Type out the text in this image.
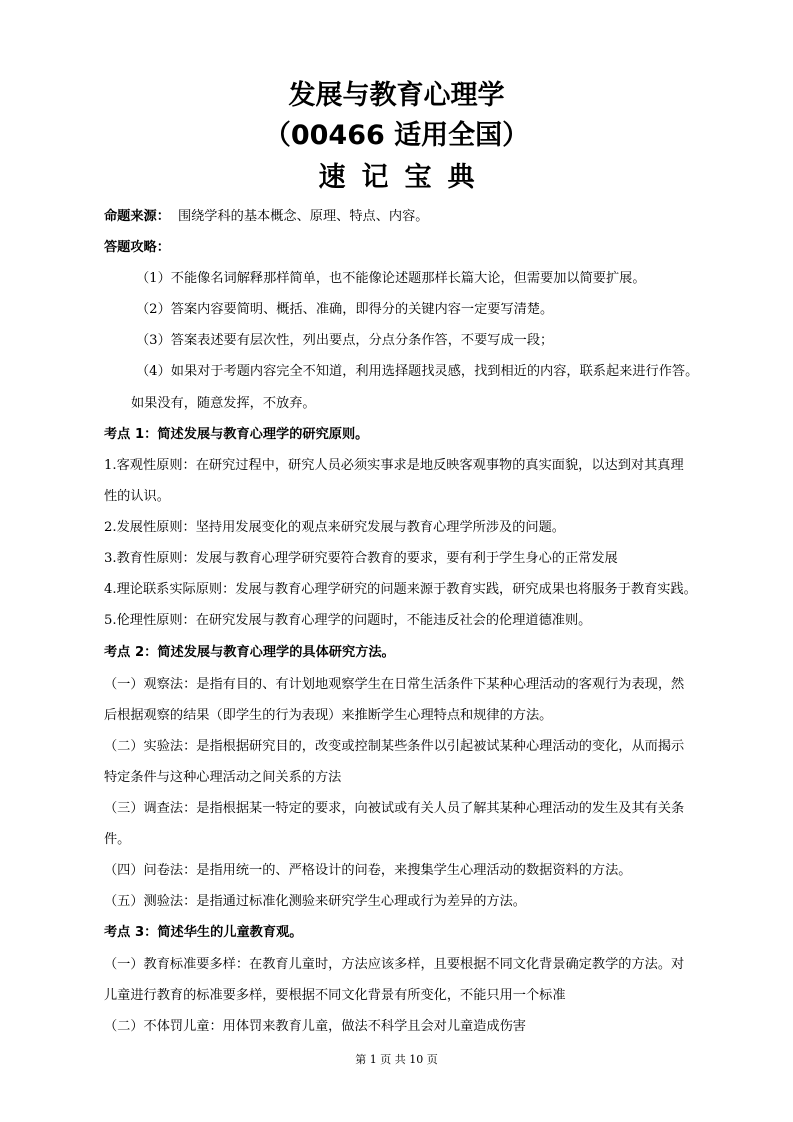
发展与教育心理学
（00466 适用全国）
速记宝典
命题来源： 围绕学科的基本概念、原理、特点、内容。
答题攻略：
（1）不能像名词解释那样简单，也不能像论述题那样长篇大论，但需要加以简要扩展。
（2）答案内容要简明、概括、准确，即得分的关键内容一定要写清楚。
（3）答案表述要有层次性，列出要点，分点分条作答，不要写成一段；
（4）如果对于考题内容完全不知道，利用选择题找灵感，找到相近的内容，联系起来进行作答。
如果没有，随意发挥，不放弃。
考点 1：简述发展与教育心理学的研究原则。
1.客观性原则：在研究过程中，研究人员必须实事求是地反映客观事物的真实面貌，以达到对其真理
性的认识。
2.发展性原则：坚持用发展变化的观点来研究发展与教育心理学所涉及的问题。
3.教育性原则：发展与教育心理学研究要符合教育的要求，要有利于学生身心的正常发展
4.理论联系实际原则：发展与教育心理学研究的问题来源于教育实践，研究成果也将服务于教育实践。
5.伦理性原则：在研究发展与教育心理学的问题时，不能违反社会的伦理道德准则。
考点 2：简述发展与教育心理学的具体研究方法。
（一）观察法：是指有目的、有计划地观察学生在日常生活条件下某种心理活动的客观行为表现，然
后根据观察的结果（即学生的行为表现）来推断学生心理特点和规律的方法。
（二）实验法：是指根据研究目的，改变或控制某些条件以引起被试某种心理活动的变化，从而揭示
特定条件与这种心理活动之间关系的方法
（三）调查法：是指根据某一特定的要求，向被试或有关人员了解其某种心理活动的发生及其有关条
件。
（四）问卷法：是指用统一的、严格设计的问卷，来搜集学生心理活动的数据资料的方法。
（五）测验法：是指通过标准化测验来研究学生心理或行为差异的方法。
考点 3：简述华生的儿童教育观。
（一）教育标准要多样：在教育儿童时，方法应该多样，且要根据不同文化背景确定教学的方法。对
儿童进行教育的标准要多样，要根据不同文化背景有所变化，不能只用一个标准
（二）不体罚儿童：用体罚来教育儿童，做法不科学且会对儿童造成伤害
第 1 页 共 10 页
